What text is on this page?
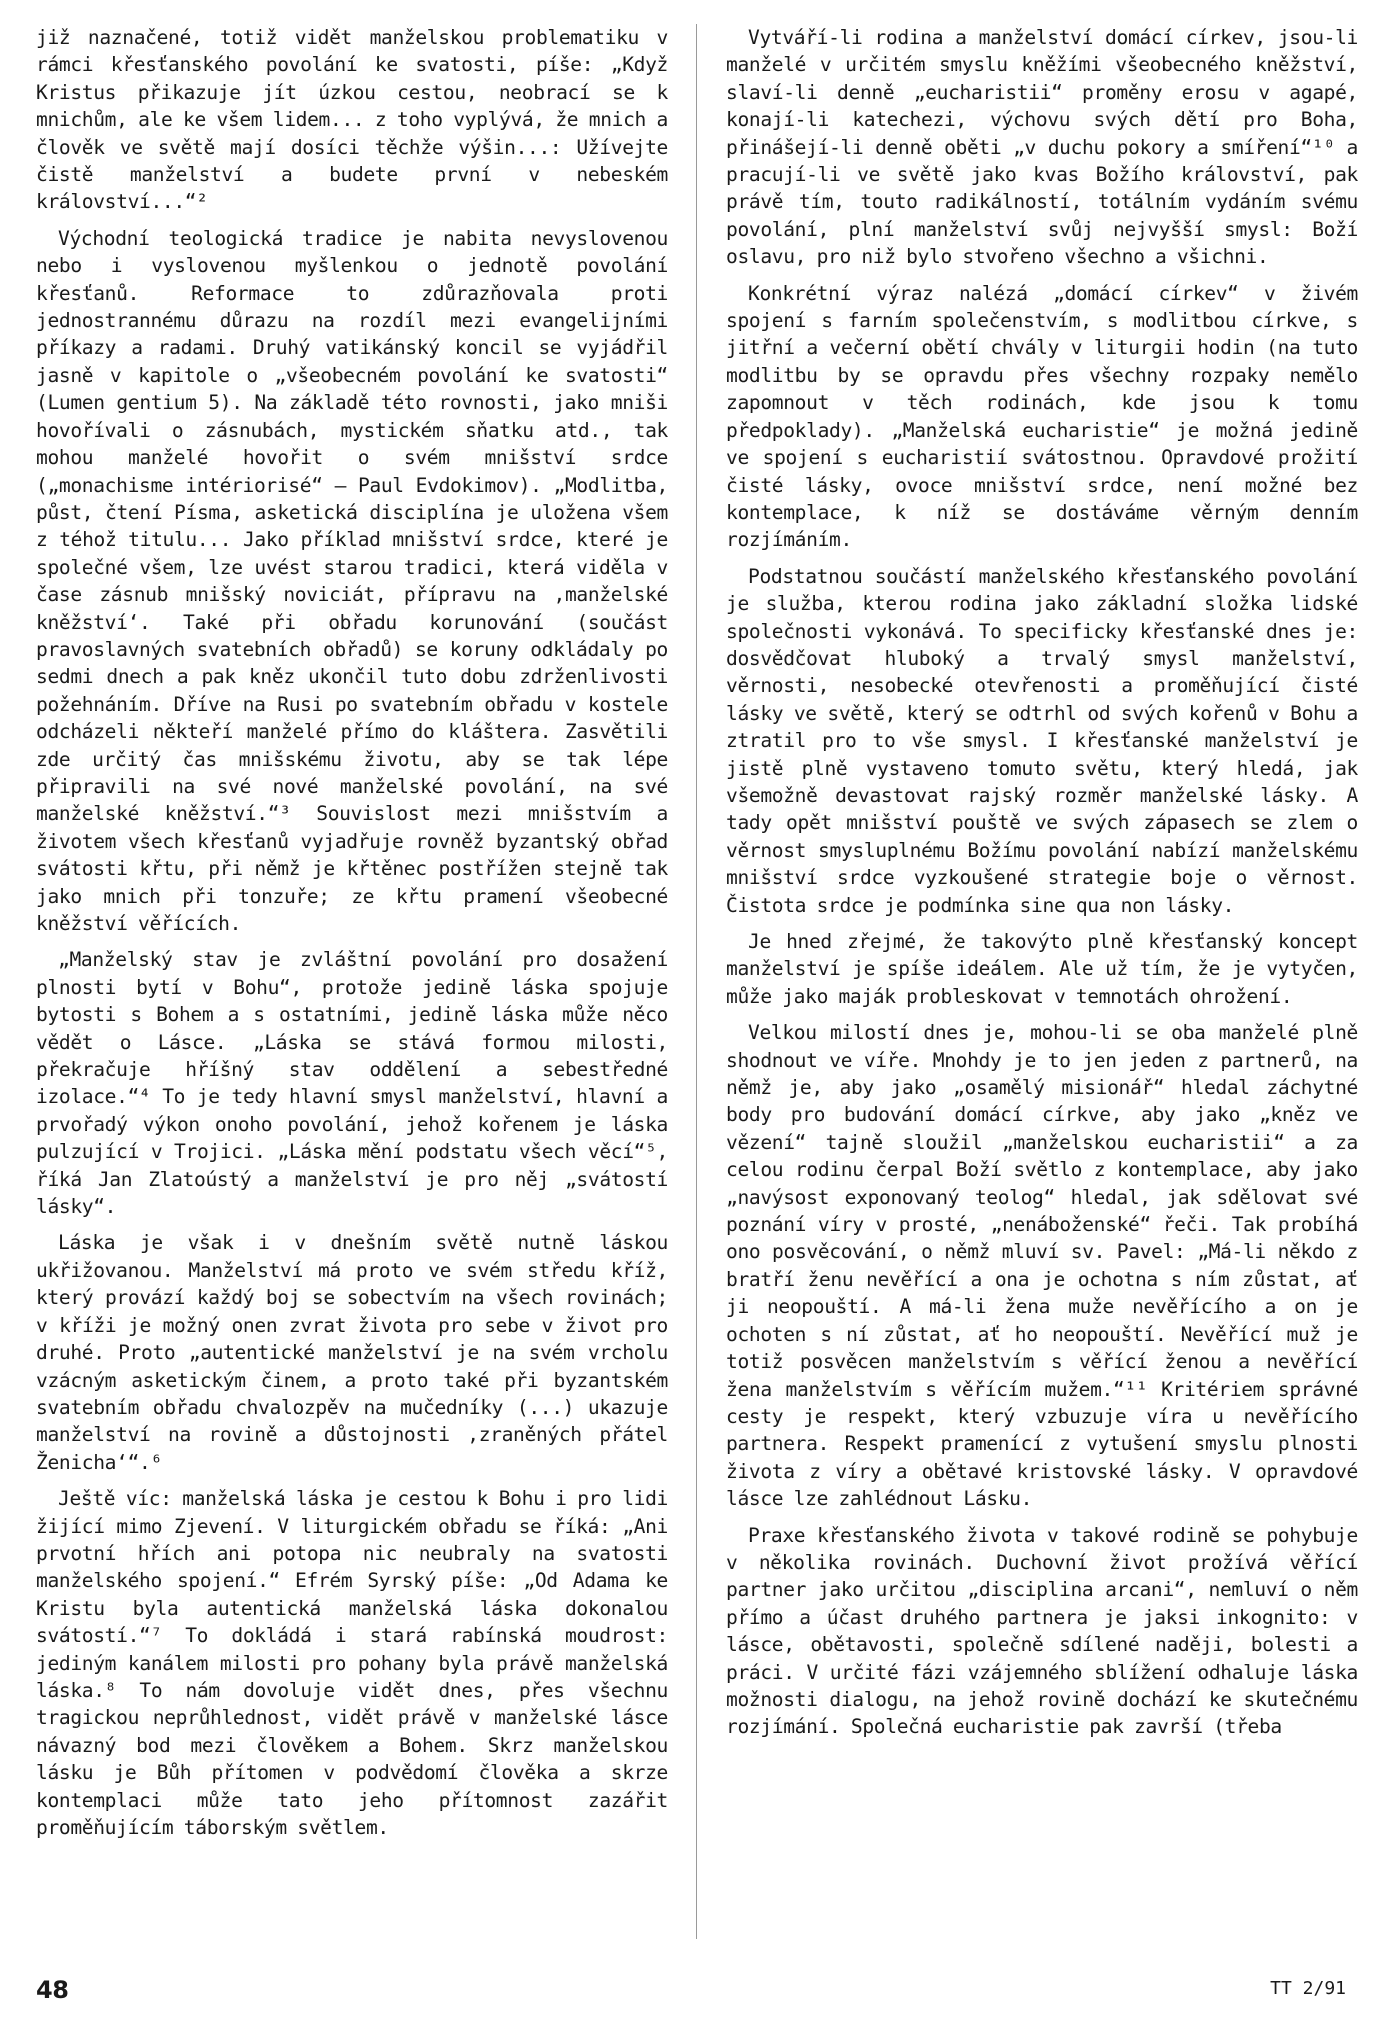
již naznačené, totiž vidět manželskou problematiku v rámci křesťanského povolání ke svatosti, píše: „Když Kristus přikazuje jít úzkou cestou, neobrací se k mnichům, ale ke všem lidem... z toho vyplývá, že mnich a člověk ve světě mají dosíci těchže výšin...: Užívejte čistě manželství a budete první v nebeském království...“²

Východní teologická tradice je nabita nevyslovenou nebo i vyslovenou myšlenkou o jednotě povolání křesťanů. Reformace to zdůrazňovala proti jednostrannému důrazu na rozdíl mezi evangelijními příkazy a radami. Druhý vatikánský koncil se vyjádřil jasně v kapitole o „všeobecném povolání ke svatosti“ (Lumen gentium 5). Na základě této rovnosti, jako mniši hovořívali o zásnubách, mystickém sňatku atd., tak mohou manželé hovořit o svém mnišství srdce („monachisme intériorisé“ — Paul Evdokimov). „Modlitba, půst, čtení Písma, asketická disciplína je uložena všem z téhož titulu... Jako příklad mnišství srdce, které je společné všem, lze uvést starou tradici, která viděla v čase zásnub mnišský noviciát, přípravu na ‚manželské kněžství‘. Také při obřadu korunování (součást pravoslavných svatebních obřadů) se koruny odkládaly po sedmi dnech a pak kněz ukončil tuto dobu zdrženlivosti požehnáním. Dříve na Rusi po svatebním obřadu v kostele odcházeli někteří manželé přímo do kláštera. Zasvětili zde určitý čas mnišskému životu, aby se tak lépe připravili na své nové manželské povolání, na své manželské kněžství.“³ Souvislost mezi mnišstvím a životem všech křesťanů vyjadřuje rovněž byzantský obřad svátosti křtu, při němž je křtěnec postřížen stejně tak jako mnich při tonzuře; ze křtu pramení všeobecné kněžství věřících.

„Manželský stav je zvláštní povolání pro dosažení plnosti bytí v Bohu“, protože jedině láska spojuje bytosti s Bohem a s ostatními, jedině láska může něco vědět o Lásce. „Láska se stává formou milosti, překračuje hříšný stav oddělení a sebestředné izolace.“⁴ To je tedy hlavní smysl manželství, hlavní a prvořadý výkon onoho povolání, jehož kořenem je láska pulzující v Trojici. „Láska mění podstatu všech věcí“⁵, říká Jan Zlatoústý a manželství je pro něj „svátostí lásky“.

Láska je však i v dnešním světě nutně láskou ukřižovanou. Manželství má proto ve svém středu kříž, který provází každý boj se sobectvím na všech rovinách; v kříži je možný onen zvrat života pro sebe v život pro druhé. Proto „autentické manželství je na svém vrcholu vzácným asketickým činem, a proto také při byzantském svatebním obřadu chvalozpěv na mučedníky (...) ukazuje manželství na rovině a důstojnosti ‚zraněných přátel Ženicha‘“.⁶

Ještě víc: manželská láska je cestou k Bohu i pro lidi žijící mimo Zjevení. V liturgickém obřadu se říká: „Ani prvotní hřích ani potopa nic neubraly na svatosti manželského spojení.“ Efrém Syrský píše: „Od Adama ke Kristu byla autentická manželská láska dokonalou svátostí.“⁷ To dokládá i stará rabínská moudrost: jediným kanálem milosti pro pohany byla právě manželská láska.⁸ To nám dovoluje vidět dnes, přes všechnu tragickou neprůhlednost, vidět právě v manželské lásce návazný bod mezi člověkem a Bohem. Skrz manželskou lásku je Bůh přítomen v podvědomí člověka a skrze kontemplaci může tato jeho přítomnost zazářit proměňujícím táborským světlem.

Vytváří-li rodina a manželství domácí církev, jsou-li manželé v určitém smyslu kněžími všeobecného kněžství, slaví-li denně „eucharistii“ proměny erosu v agapé, konají-li katechezi, výchovu svých dětí pro Boha, přinášejí-li denně oběti „v duchu pokory a smíření“¹⁰ a pracují-li ve světě jako kvas Božího království, pak právě tím, touto radikálností, totálním vydáním svému povolání, plní manželství svůj nejvyšší smysl: Boží oslavu, pro niž bylo stvořeno všechno a všichni.

Konkrétní výraz nalézá „domácí církev“ v živém spojení s farním společenstvím, s modlitbou církve, s jitřní a večerní obětí chvály v liturgii hodin (na tuto modlitbu by se opravdu přes všechny rozpaky nemělo zapomnout v těch rodinách, kde jsou k tomu předpoklady). „Manželská eucharistie“ je možná jedině ve spojení s eucharistií svátostnou. Opravdové prožití čisté lásky, ovoce mnišství srdce, není možné bez kontemplace, k níž se dostáváme věrným denním rozjímáním.

Podstatnou součástí manželského křesťanského povolání je služba, kterou rodina jako základní složka lidské společnosti vykonává. To specificky křesťanské dnes je: dosvědčovat hluboký a trvalý smysl manželství, věrnosti, nesobecké otevřenosti a proměňující čisté lásky ve světě, který se odtrhl od svých kořenů v Bohu a ztratil pro to vše smysl. I křesťanské manželství je jistě plně vystaveno tomuto světu, který hledá, jak všemožně devastovat rajský rozměr manželské lásky. A tady opět mnišství pouště ve svých zápasech se zlem o věrnost smysluplnému Božímu povolání nabízí manželskému mnišství srdce vyzkoušené strategie boje o věrnost. Čistota srdce je podmínka sine qua non lásky.

Je hned zřejmé, že takovýto plně křesťanský koncept manželství je spíše ideálem. Ale už tím, že je vytyčen, může jako maják probleskovat v temnotách ohrožení.

Velkou milostí dnes je, mohou-li se oba manželé plně shodnout ve víře. Mnohdy je to jen jeden z partnerů, na němž je, aby jako „osamělý misionář“ hledal záchytné body pro budování domácí církve, aby jako „kněz ve vězení“ tajně sloužil „manželskou eucharistii“ a za celou rodinu čerpal Boží světlo z kontemplace, aby jako „navýsost exponovaný teolog“ hledal, jak sdělovat své poznání víry v prosté, „nenáboženské“ řeči. Tak probíhá ono posvěcování, o němž mluví sv. Pavel: „Má-li někdo z bratří ženu nevěřící a ona je ochotna s ním zůstat, ať ji neopouští. A má-li žena muže nevěřícího a on je ochoten s ní zůstat, ať ho neopouští. Nevěřící muž je totiž posvěcen manželstvím s věřící ženou a nevěřící žena manželstvím s věřícím mužem.“¹¹ Kritériem správné cesty je respekt, který vzbuzuje víra u nevěřícího partnera. Respekt pramenící z vytušení smyslu plnosti života z víry a obětavé kristovské lásky. V opravdové lásce lze zahlédnout Lásku.

Praxe křesťanského života v takové rodině se pohybuje v několika rovinách. Duchovní život prožívá věřící partner jako určitou „disciplina arcani“, nemluví o něm přímo a účast druhého partnera je jaksi inkognito: v lásce, obětavosti, společně sdílené naději, bolesti a práci. V určité fázi vzájemného sblížení odhaluje láska možnosti dialogu, na jehož rovině dochází ke skutečnému rozjímání. Společná eucharistie pak završí (třeba

48	TT 2/91
